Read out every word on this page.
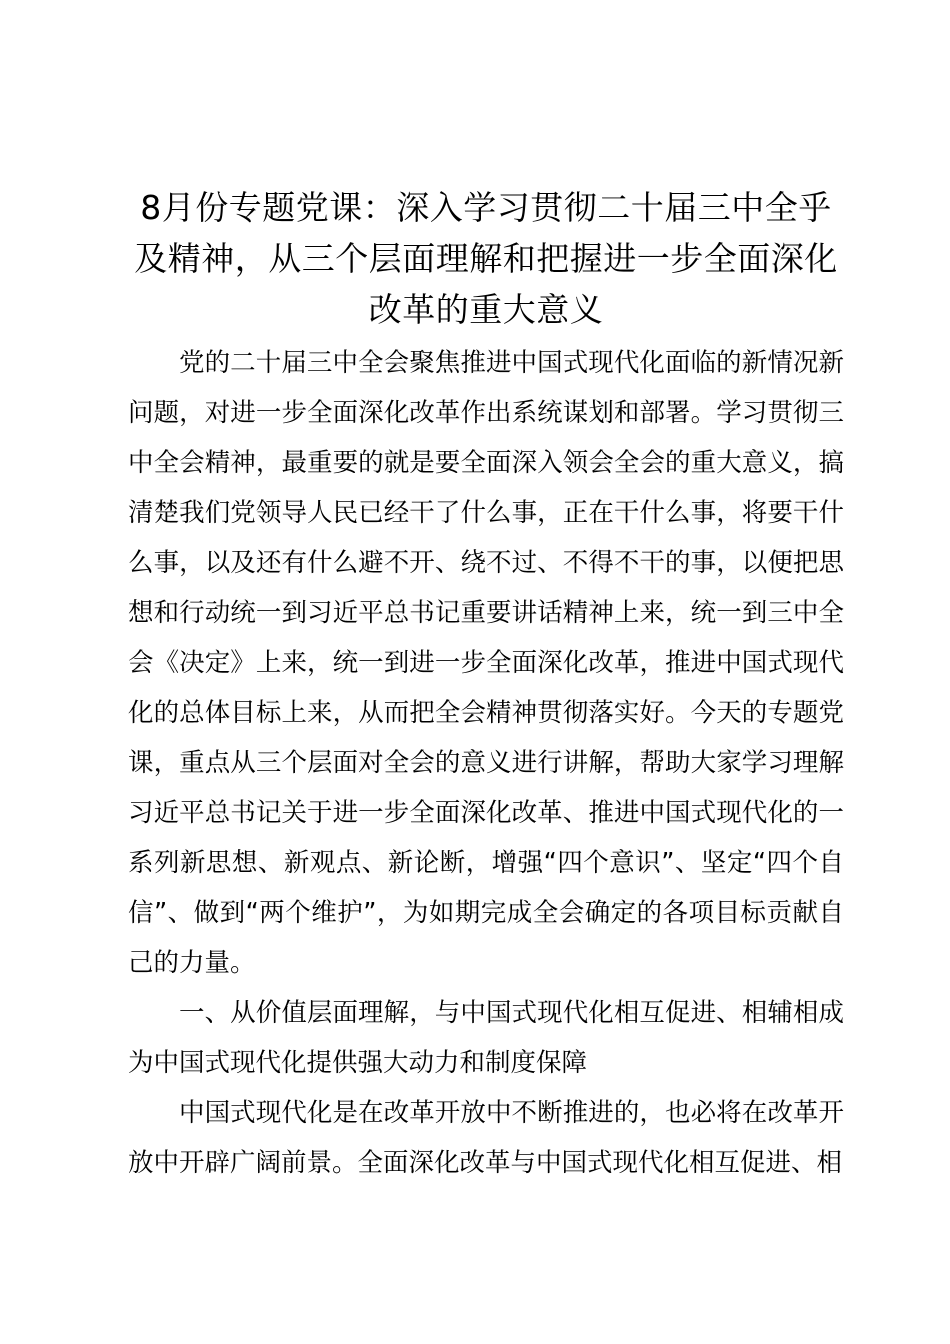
8月份专题党课：深入学习贯彻二十届三中全乎
及精神，从三个层面理解和把握进一步全面深化
改革的重大意义

党的二十届三中全会聚焦推进中国式现代化面临的新情况新问题，对进一步全面深化改革作出系统谋划和部署。学习贯彻三中全会精神，最重要的就是要全面深入领会全会的重大意义，搞清楚我们党领导人民已经干了什么事，正在干什么事，将要干什么事，以及还有什么避不开、绕不过、不得不干的事，以便把思想和行动统一到习近平总书记重要讲话精神上来，统一到三中全会《决定》上来，统一到进一步全面深化改革，推进中国式现代化的总体目标上来，从而把全会精神贯彻落实好。今天的专题党课，重点从三个层面对全会的意义进行讲解，帮助大家学习理解习近平总书记关于进一步全面深化改革、推进中国式现代化的一系列新思想、新观点、新论断，增强“四个意识”、坚定“四个自信”、做到“两个维护”，为如期完成全会确定的各项目标贡献自己的力量。

一、从价值层面理解，与中国式现代化相互促进、相辅相成为中国式现代化提供强大动力和制度保障

中国式现代化是在改革开放中不断推进的，也必将在改革开放中开辟广阔前景。全面深化改革与中国式现代化相互促进、相
